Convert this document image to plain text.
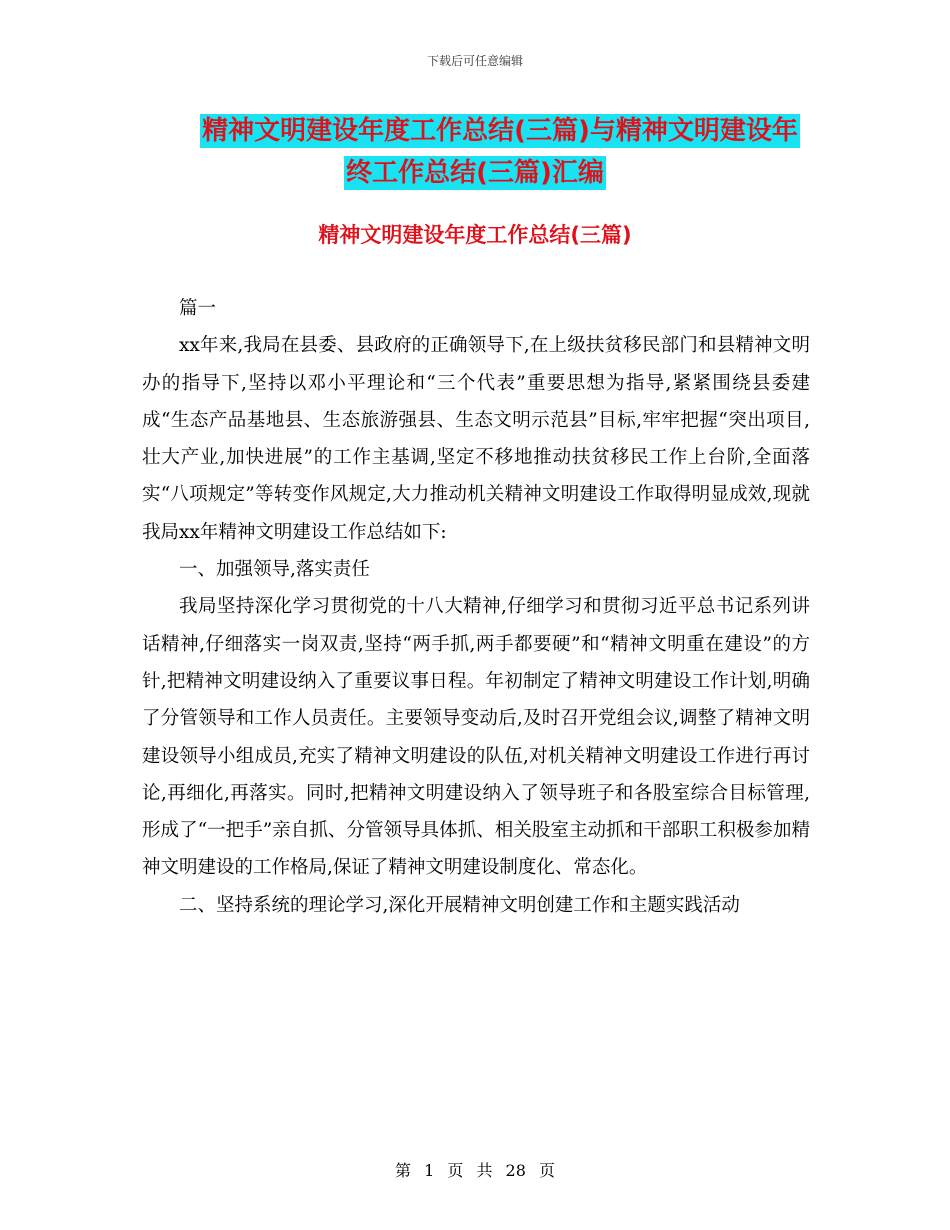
下载后可任意编辑
精神文明建设年度工作总结(三篇)与精神文明建设年
终工作总结(三篇)汇编
精神文明建设年度工作总结(三篇)

篇一

xx年来,我局在县委、县政府的正确领导下,在上级扶贫移民部门和县精神文明办的指导下,坚持以邓小平理论和“三个代表”重要思想为指导,紧紧围绕县委建成“生态产品基地县、生态旅游强县、生态文明示范县”目标,牢牢把握“突出项目,壮大产业,加快进展”的工作主基调,坚定不移地推动扶贫移民工作上台阶,全面落实“八项规定”等转变作风规定,大力推动机关精神文明建设工作取得明显成效,现就我局xx年精神文明建设工作总结如下:

一、加强领导,落实责任

我局坚持深化学习贯彻党的十八大精神,仔细学习和贯彻习近平总书记系列讲话精神,仔细落实一岗双责,坚持“两手抓,两手都要硬”和“精神文明重在建设”的方针,把精神文明建设纳入了重要议事日程。年初制定了精神文明建设工作计划,明确了分管领导和工作人员责任。主要领导变动后,及时召开党组会议,调整了精神文明建设领导小组成员,充实了精神文明建设的队伍,对机关精神文明建设工作进行再讨论,再细化,再落实。同时,把精神文明建设纳入了领导班子和各股室综合目标管理,形成了“一把手”亲自抓、分管领导具体抓、相关股室主动抓和干部职工积极参加精神文明建设的工作格局,保证了精神文明建设制度化、常态化。

二、坚持系统的理论学习,深化开展精神文明创建工作和主题实践活动

第 1 页 共 28 页
